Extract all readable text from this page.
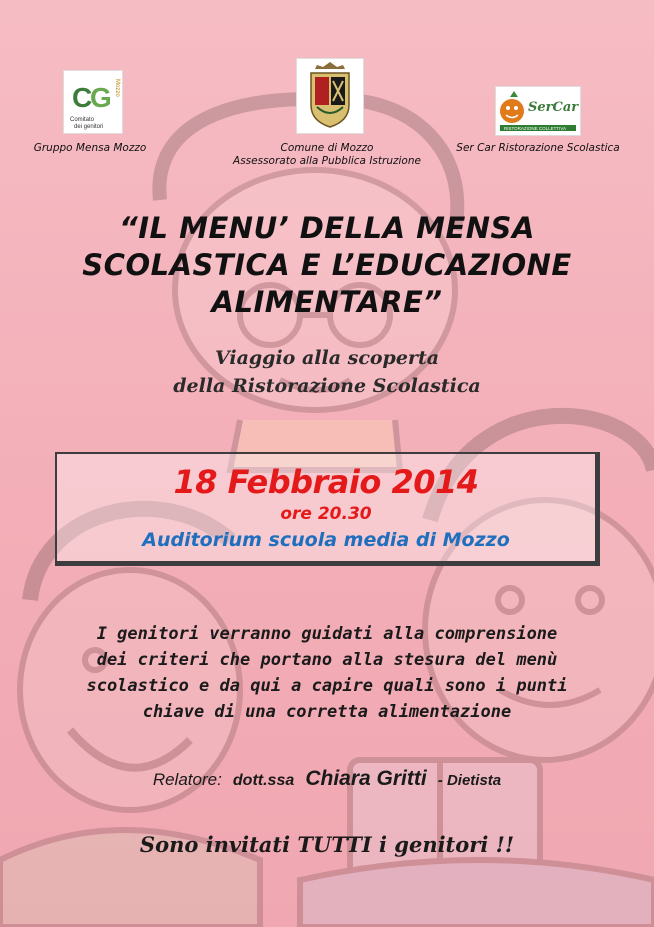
C
G
Comitato
dei genitori
Mozzo
Gruppo Mensa Mozzo	Comune di Mozzo
Assessorato alla Pubblica Istruzione
SerCar
RISTORAZIONE COLLETTIVA
Ser Car Ristorazione Scolastica
“IL MENU’ DELLA MENSA
SCOLASTICA E L’EDUCAZIONE
ALIMENTARE”
Viaggio alla scoperta
della Ristorazione Scolastica
18 Febbraio 2014
ore 20.30
Auditorium scuola media di Mozzo
I genitori verranno guidati alla comprensione
dei criteri che portano alla stesura del menù
scolastico e da qui a capire quali sono i punti
chiave di una corretta alimentazione
Relatore: dott.ssa Chiara Gritti - Dietista
Sono invitati TUTTI i genitori !!
